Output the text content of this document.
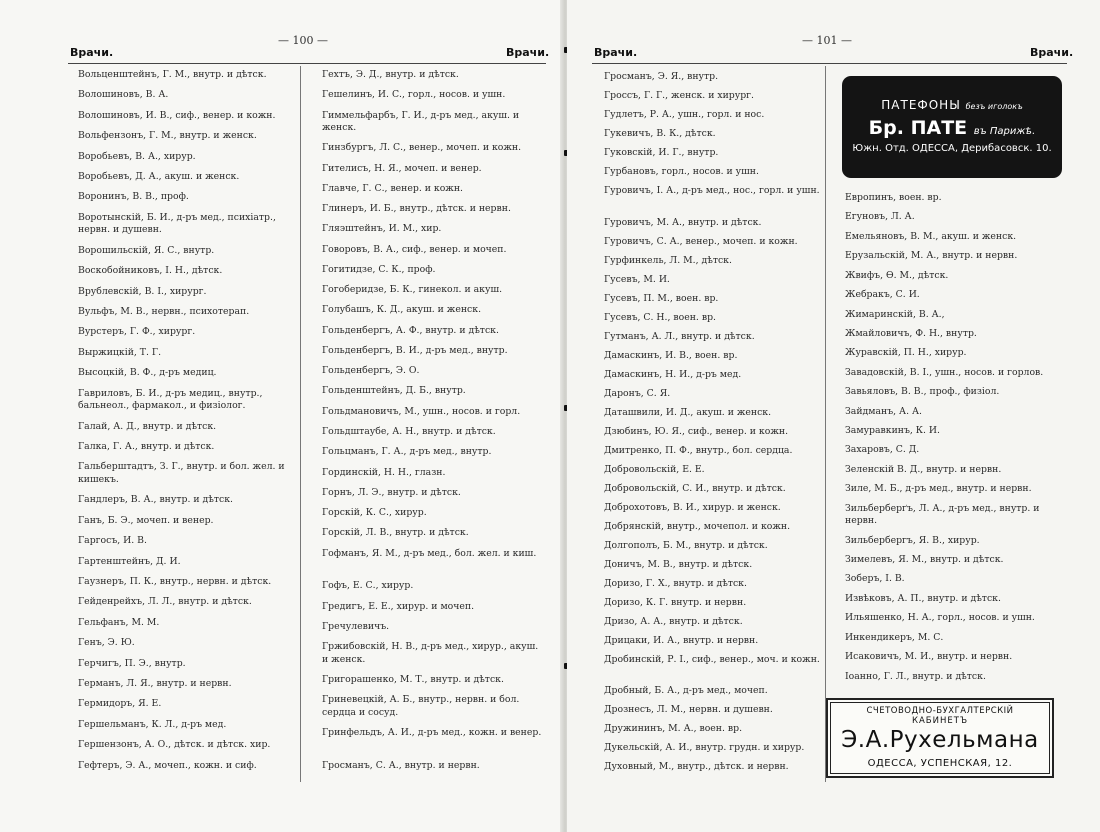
— 100 —
Врачи.	Врачи.
Вольценштейнъ, Г. М., внутр. и дѣтск.
Волошиновъ, В. А.
Волошиновъ, И. В., сиф., венер. и кожн.
Вольфензонъ, Г. М., внутр. и женск.
Воробьевъ, В. А., хирур.
Воробьевъ, Д. А., акуш. и женск.
Воронинъ, В. В., проф.
Воротынскій, Б. И., д-ръ мед., психіатр., нервн. и душевн.
Ворошильскій, Я. С., внутр.
Воскобойниковъ, І. Н., дѣтск.
Врублевскій, В. І., хирург.
Вульфъ, М. В., нервн., психотерап.
Вурстеръ, Г. Ф., хирург.
Выржицкій, Т. Г.
Высоцкій, В. Ф., д-ръ медиц.
Гавриловъ, Б. И., д-ръ медиц., внутр., бальнеол., фармакол., и физіолог.
Галай, А. Д., внутр. и дѣтск.
Галка, Г. А., внутр. и дѣтск.
Гальберштадтъ, З. Г., внутр. и бол. жел. и кишекъ.
Гандлеръ, В. А., внутр. и дѣтск.
Ганъ, Б. Э., мочеп. и венер.
Гаргосъ, И. В.
Гартенштейнъ, Д. И.
Гаузнеръ, П. К., внутр., нервн. и дѣтск.
Гейденрейхъ, Л. Л., внутр. и дѣтск.
Гельфанъ, М. М.
Генъ, Э. Ю.
Герчигъ, П. Э., внутр.
Германъ, Л. Я., внутр. и нервн.
Гермидоръ, Я. Е.
Гершельманъ, К. Л., д-ръ мед.
Гершензонъ, А. О., дѣтск. и дѣтск. хир.
Гефтеръ, Э. А., мочеп., кожн. и сиф.
Гехтъ, Э. Д., внутр. и дѣтск.
Гешелинъ, И. С., горл., носов. и ушн.
Гиммельфарбъ, Г. И., д-ръ мед., акуш. и женск.
Гинзбургъ, Л. С., венер., мочеп. и кожн.
Гителисъ, Н. Я., мочеп. и венер.
Главче, Г. С., венер. и кожн.
Глинеръ, И. Б., внутр., дѣтск. и нервн.
Гляэштейнъ, И. М., хир.
Говоровъ, В. А., сиф., венер. и мочеп.
Гогитидзе, С. К., проф.
Гогоберидзе, Б. К., гинекол. и акуш.
Голубашъ, К. Д., акуш. и женск.
Гольденбергъ, А. Ф., внутр. и дѣтск.
Гольденбергъ, В. И., д-ръ мед., внутр.
Гольденбергъ, Э. О.
Гольденштейнъ, Д. Б., внутр.
Гольдмановичъ, М., ушн., носов. и горл.
Гольдштаубе, А. Н., внутр. и дѣтск.
Гольцманъ, Г. А., д-ръ мед., внутр.
Гординскій, Н. Н., глазн.
Горнъ, Л. Э., внутр. и дѣтск.
Горскій, К. С., хирур.
Горскій, Л. В., внутр. и дѣтск.
Гофманъ, Я. М., д-ръ мед., бол. жел. и киш.
Гофъ, Е. С., хирур.
Гредигъ, Е. Е., хирур. и мочеп.
Гречулевичъ.
Гржибовскій, Н. В., д-ръ мед., хирур., акуш. и женск.
Григорашенко, М. Т., внутр. и дѣтск.
Гриневецкій, А. Б., внутр., нервн. и бол. сердца и сосуд.
Гринфельдъ, А. И., д-ръ мед., кожн. и венер.
Гросманъ, С. А., внутр. и нервн.
— 101 —
Врачи.	Врачи.
Гросманъ, Э. Я., внутр.
Гроссъ, Г. Г., женск. и хирург.
Гудлетъ, Р. А., ушн., горл. и нос.
Гукевичъ, В. К., дѣтск.
Гуковскій, И. Г., внутр.
Гурбановъ, горл., носов. и ушн.
Гуровичъ, І. А., д-ръ мед., нос., горл. и ушн.
Гуровичъ, М. А., внутр. и дѣтск.
Гуровичъ, С. А., венер., мочеп. и кожн.
Гурфинкель, Л. М., дѣтск.
Гусевъ, М. И.
Гусевъ, П. М., воен. вр.
Гусевъ, С. Н., воен. вр.
Гутманъ, А. Л., внутр. и дѣтск.
Дамаскинъ, И. В., воен. вр.
Дамаскинъ, Н. И., д-ръ мед.
Даронъ, С. Я.
Даташвили, И. Д., акуш. и женск.
Дзюбинъ, Ю. Я., сиф., венер. и кожн.
Дмитренко, П. Ф., внутр., бол. сердца.
Добровольскій, Е. Е.
Добровольскій, С. И., внутр. и дѣтск.
Доброхотовъ, В. И., хирур. и женск.
Добрянскій, внутр., мочепол. и кожн.
Долгополъ, Б. М., внутр. и дѣтск.
Доничъ, М. В., внутр. и дѣтск.
Доризо, Г. Х., внутр. и дѣтск.
Доризо, К. Г. внутр. и нервн.
Дризо, А. А., внутр. и дѣтск.
Дрицаки, И. А., внутр. и нервн.
Дробинскій, Р. І., сиф., венер., моч. и кожн.
Дробный, Б. А., д-ръ мед., мочеп.
Дрознесъ, Л. М., нервн. и душевн.
Дружининъ, М. А., воен. вр.
Дукельскій, А. И., внутр. грудн. и хирур.
Духовный, М., внутр., дѣтск. и нервн.
Европинъ, воен. вр.
Егуновъ, Л. А.
Емельяновъ, В. М., акуш. и женск.
Ерузальскій, М. А., внутр. и нервн.
Жвифъ, Ѳ. М., дѣтск.
Жебракъ, С. И.
Жимаринскій, В. А.,
Жмайловичъ, Ф. Н., внутр.
Журавскій, П. Н., хирур.
Завадовскій, В. І., ушн., носов. и горлов.
Завьяловъ, В. В., проф., физіол.
Зайдманъ, А. А.
Замуравкинъ, К. И.
Захаровъ, С. Д.
Зеленскій В. Д., внутр. и нервн.
Зиле, М. Б., д-ръ мед., внутр. и нервн.
Зильберберґъ, Л. А., д-ръ мед., внутр. и нервн.
Зильбербергъ, Я. В., хирур.
Зимелевъ, Я. М., внутр. и дѣтск.
Зоберъ, І. В.
Извѣковъ, А. П., внутр. и дѣтск.
Ильяшенко, Н. А., горл., носов. и ушн.
Инкендикеръ, М. С.
Исаковичъ, М. И., внутр. и нервн.
Іоанно, Г. Л., внутр. и дѣтск.
ПАТЕФОНЫ безъ иголокъ
Бр. ПАТЕ въ Парижѣ.
Южн. Отд. ОДЕССА, Дерибасовск. 10.
СЧЕТОВОДНО-БУХГАЛТЕРСКІЙ
КАБИНЕТЪ
Э.А.Рухельмана
ОДЕССА, УСПЕНСКАЯ, 12.
